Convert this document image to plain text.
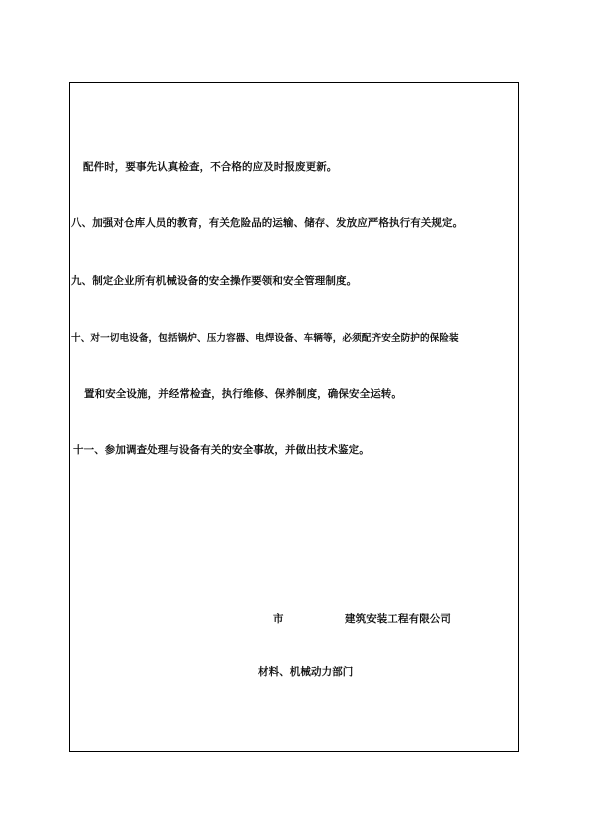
配件时，要事先认真检查，不合格的应及时报废更新。
八、加强对仓库人员的教育，有关危险品的运输、储存、发放应严格执行有关规定。
九、制定企业所有机械设备的安全操作要领和安全管理制度。
十、对一切电设备，包括锅炉、压力容器、电焊设备、车辆等，必须配齐安全防护的保险装
置和安全设施，并经常检查，执行维修、保养制度，确保安全运转。
十一、参加调查处理与设备有关的安全事故，并做出技术鉴定。
市	建筑安装工程有限公司
材料、机械动力部门
